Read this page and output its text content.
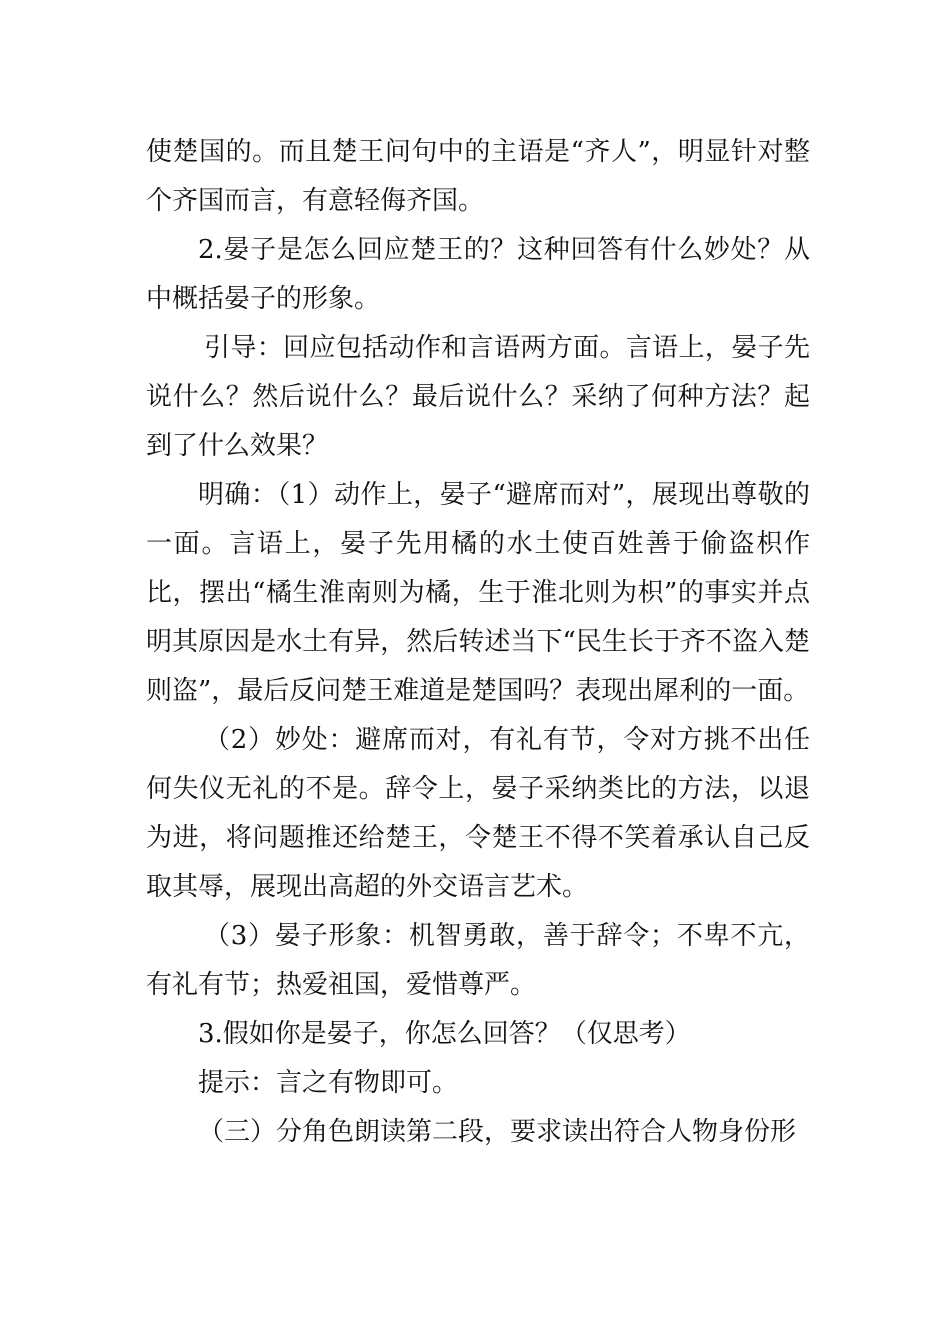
使楚国的。而且楚王问句中的主语是“齐人”，明显针对整个齐国而言，有意轻侮齐国。

2.晏子是怎么回应楚王的？这种回答有什么妙处？从中概括晏子的形象。

引导：回应包括动作和言语两方面。言语上，晏子先说什么？然后说什么？最后说什么？采纳了何种方法？起到了什么效果？

明确：（1）动作上，晏子“避席而对”，展现出尊敬的一面。言语上，晏子先用橘的水土使百姓善于偷盗枳作比，摆出“橘生淮南则为橘，生于淮北则为枳”的事实并点明其原因是水土有异，然后转述当下“民生长于齐不盗入楚则盗”，最后反问楚王难道是楚国吗？表现出犀利的一面。

（2）妙处：避席而对，有礼有节，令对方挑不出任何失仪无礼的不是。辞令上，晏子采纳类比的方法，以退为进，将问题推还给楚王，令楚王不得不笑着承认自己反取其辱，展现出高超的外交语言艺术。

（3）晏子形象：机智勇敢，善于辞令；不卑不亢，有礼有节；热爱祖国，爱惜尊严。

3.假如你是晏子，你怎么回答？（仅思考）

提示：言之有物即可。

（三）分角色朗读第二段，要求读出符合人物身份形
